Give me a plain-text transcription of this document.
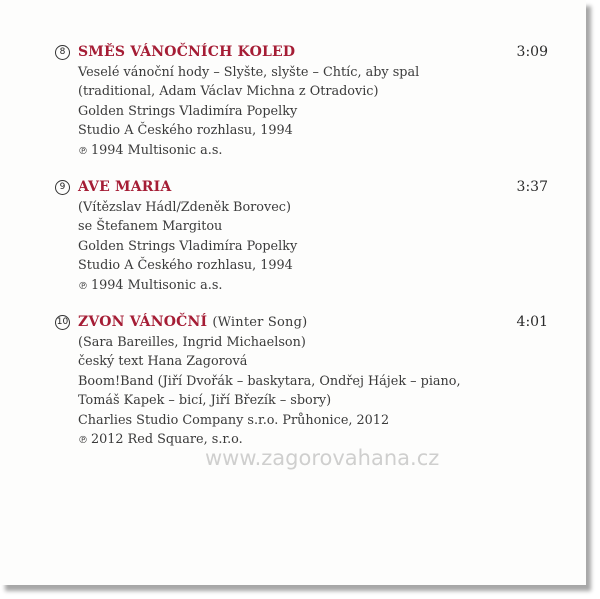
8 SMĚS VÁNOČNÍCH KOLED	3:09
Veselé vánoční hody – Slyšte, slyšte – Chtíc, aby spal
(traditional, Adam Václav Michna z Otradovic)
Golden Strings Vladimíra Popelky
Studio A Českého rozhlasu, 1994
℗ 1994 Multisonic a.s.
9 AVE MARIA	3:37
(Vítězslav Hádl/Zdeněk Borovec)
se Štefanem Margitou
Golden Strings Vladimíra Popelky
Studio A Českého rozhlasu, 1994
℗ 1994 Multisonic a.s.
10 ZVON VÁNOČNÍ (Winter Song)	4:01
(Sara Bareilles, Ingrid Michaelson)
český text Hana Zagorová
Boom!Band (Jiří Dvořák – baskytara, Ondřej Hájek – piano,
Tomáš Kapek – bicí, Jiří Březík – sbory)
Charlies Studio Company s.r.o. Průhonice, 2012
℗ 2012 Red Square, s.r.o.
www.zagorovahana.cz
